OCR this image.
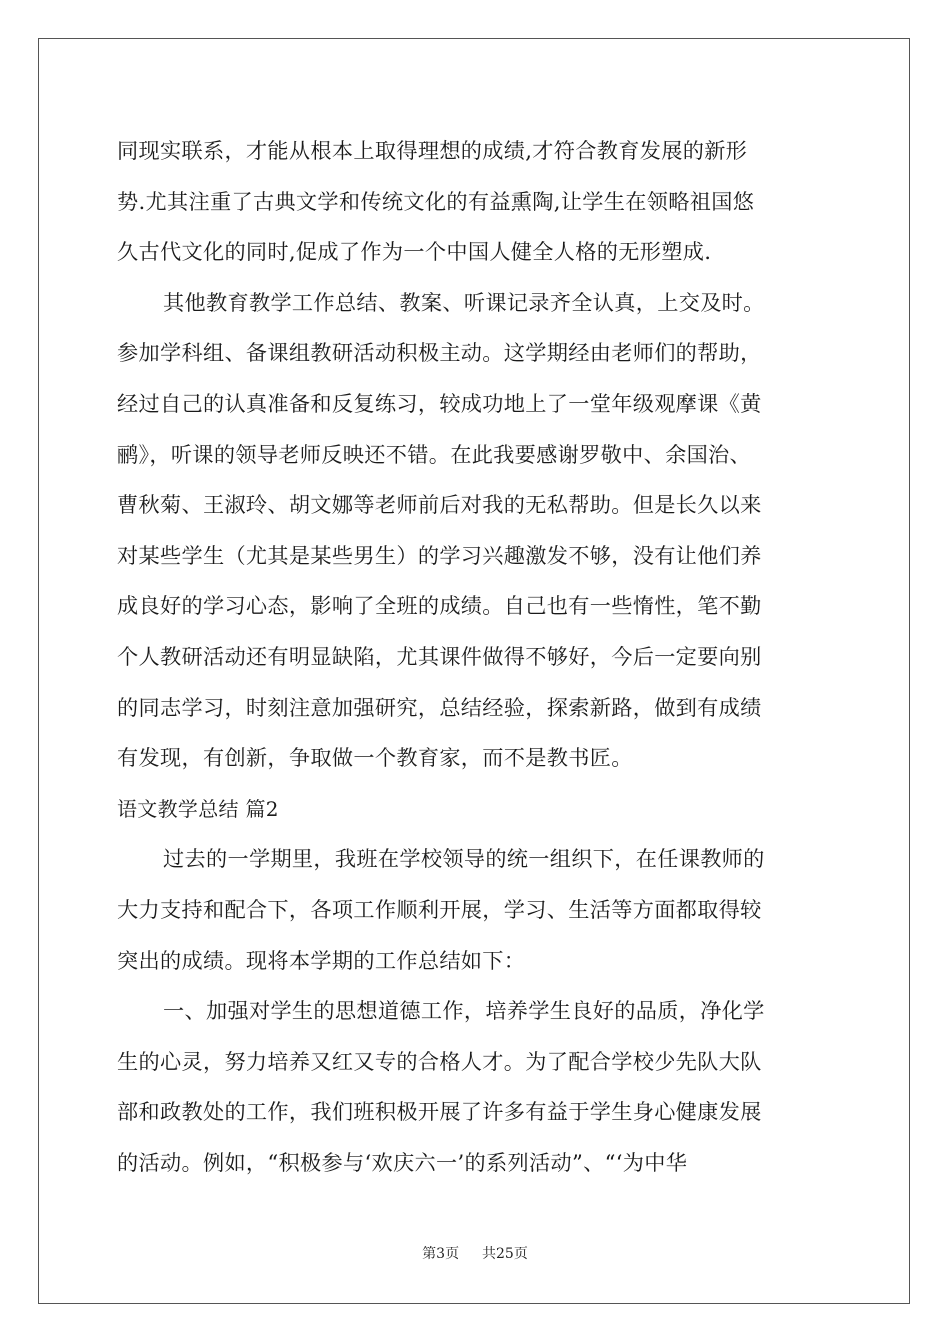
同现实联系，才能从根本上取得理想的成绩,才符合教育发展的新形
势.尤其注重了古典文学和传统文化的有益熏陶,让学生在领略祖国悠
久古代文化的同时,促成了作为一个中国人健全人格的无形塑成.
其他教育教学工作总结、教案、听课记录齐全认真，上交及时。
参加学科组、备课组教研活动积极主动。这学期经由老师们的帮助，
经过自己的认真准备和反复练习，较成功地上了一堂年级观摩课《黄
鹂》，听课的领导老师反映还不错。在此我要感谢罗敬中、余国治、
曹秋菊、王淑玲、胡文娜等老师前后对我的无私帮助。但是长久以来
对某些学生（尤其是某些男生）的学习兴趣激发不够，没有让他们养
成良好的学习心态，影响了全班的成绩。自己也有一些惰性，笔不勤
个人教研活动还有明显缺陷，尤其课件做得不够好，今后一定要向别
的同志学习，时刻注意加强研究，总结经验，探索新路，做到有成绩
有发现，有创新，争取做一个教育家，而不是教书匠。
语文教学总结 篇2
过去的一学期里，我班在学校领导的统一组织下，在任课教师的
大力支持和配合下，各项工作顺利开展，学习、生活等方面都取得较
突出的成绩。现将本学期的工作总结如下：
一、加强对学生的思想道德工作，培养学生良好的品质，净化学
生的心灵，努力培养又红又专的合格人才。为了配合学校少先队大队
部和政教处的工作，我们班积极开展了许多有益于学生身心健康发展
的活动。例如，“积极参与‘欢庆六一’的系列活动”、“‘为中华
第3页 共25页
